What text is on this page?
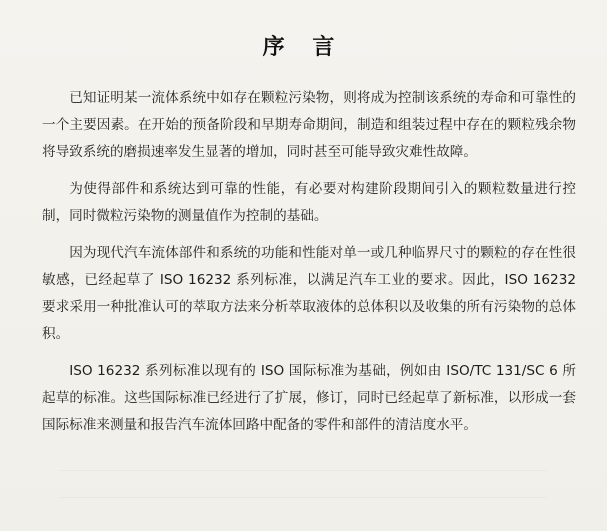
序 言

已知证明某一流体系统中如存在颗粒污染物，则将成为控制该系统的寿命和可靠性的一个主要因素。在开始的预备阶段和早期寿命期间，制造和组装过程中存在的颗粒残余物将导致系统的磨损速率发生显著的增加，同时甚至可能导致灾难性故障。

为使得部件和系统达到可靠的性能，有必要对构建阶段期间引入的颗粒数量进行控制，同时微粒污染物的测量值作为控制的基础。

因为现代汽车流体部件和系统的功能和性能对单一或几种临界尺寸的颗粒的存在性很敏感，已经起草了 ISO 16232 系列标准，以满足汽车工业的要求。因此，ISO 16232 要求采用一种批准认可的萃取方法来分析萃取液体的总体积以及收集的所有污染物的总体积。

ISO 16232 系列标准以现有的 ISO 国际标准为基础，例如由 ISO/TC 131/SC 6 所起草的标准。这些国际标准已经进行了扩展，修订，同时已经起草了新标准，以形成一套国际标准来测量和报告汽车流体回路中配备的零件和部件的清洁度水平。
